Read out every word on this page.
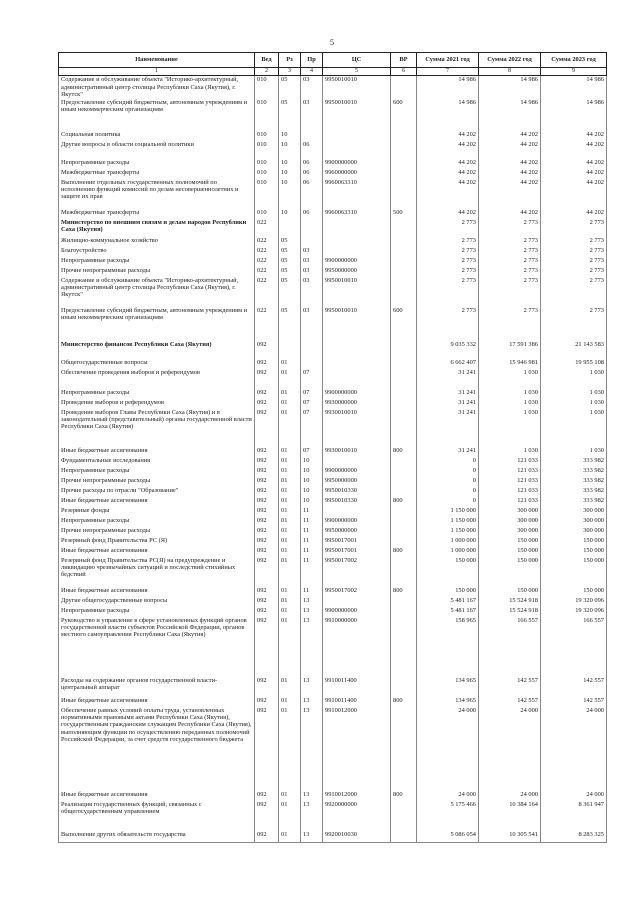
5
Наименование	Вед	Рз	Пр	ЦС	ВР	Сумма 2021 год	Сумма 2022 год	Сумма 2023 год
1	2	3	4	5	6	7	8	9
Содержание и обслуживание объекта "Историко-архитектурный, административный центр столицы Республики Саха (Якутия), г. Якутск"	010	05	03	9950010010		14 986	14 986	14 986
Предоставление субсидий бюджетным, автономным учреждениям и иным некоммерческим организациям	010	05	03	9950010010	600	14 986	14 986	14 986
Социальная политика	010	10				44 202	44 202	44 202
Другие вопросы в области социальной политики	010	10	06			44 202	44 202	44 202
Непрограммные расходы	010	10	06	9900000000		44 202	44 202	44 202
Межбюджетные трансферты	010	10	06	9960000000		44 202	44 202	44 202
Выполнение отдельных государственных полномочий по исполнению функций комиссий по делам несовершеннолетних и защите их прав	010	10	06	9960063310		44 202	44 202	44 202
Межбюджетные трансферты	010	10	06	9960063310	500	44 202	44 202	44 202
Министерство по внешним связям и делам народов Республики Саха (Якутия)	022					2 773	2 773	2 773
Жилищно-коммунальное хозяйство	022	05				2 773	2 773	2 773
Благоустройство	022	05	03			2 773	2 773	2 773
Непрограммные расходы	022	05	03	9900000000		2 773	2 773	2 773
Прочие непрограммные расходы	022	05	03	9950000000		2 773	2 773	2 773
Содержание и обслуживание объекта "Историко-архитектурный, административный центр столицы Республики Саха (Якутия), г. Якутск"	022	05	03	9950010010		2 773	2 773	2 773
Предоставление субсидий бюджетным, автономным учреждениям и иным некоммерческим организациям	022	05	03	9950010010	600	2 773	2 773	2 773
Министерство финансов Республики Саха (Якутия)	092					9 035 332	17 591 386	21 143 583
Общегосударственные вопросы	092	01				6 662 407	15 946 981	19 955 108
Обеспечение проведения выборов и референдумов	092	01	07			31 241	1 030	1 030
Непрограммные расходы	092	01	07	9900000000		31 241	1 030	1 030
Проведение выборов и референдумов	092	01	07	9930000000		31 241	1 030	1 030
Проведение выборов Главы Республики Саха (Якутия) и в законодательный (представительный) органы государственной власти Республики Саха (Якутия)	092	01	07	9930010010		31 241	1 030	1 030
Иные бюджетные ассигнования	092	01	07	9930010010	800	31 241	1 030	1 030
Фундаментальные исследования	092	01	10			0	121 033	333 982
Непрограммные расходы	092	01	10	9900000000		0	121 033	333 982
Прочие непрограммные расходы	092	01	10	9950000000		0	121 033	333 982
Прочие расходы по отрасли "Образование"	092	01	10	9950010330		0	121 033	333 982
Иные бюджетные ассигнования	092	01	10	9950010330	800	0	121 033	333 982
Резервные фонды	092	01	11			1 150 000	300 000	300 000
Непрограммные расходы	092	01	11	9900000000		1 150 000	300 000	300 000
Прочие непрограммные расходы	092	01	11	9950000000		1 150 000	300 000	300 000
Резервный фонд Правительства РС (Я)	092	01	11	9950017001		1 000 000	150 000	150 000
Иные бюджетные ассигнования	092	01	11	9950017001	800	1 000 000	150 000	150 000
Резервный фонд Правительства РС(Я) на предупреждение и ликвидацию чрезвычайных ситуаций и последствий стихийных бедствий	092	01	11	9950017002		150 000	150 000	150 000
Иные бюджетные ассигнования	092	01	11	9950017002	800	150 000	150 000	150 000
Другие общегосударственные вопросы	092	01	13			5 481 167	15 524 918	19 320 096
Непрограммные расходы	092	01	13	9900000000		5 481 167	15 524 918	19 320 096
Руководство и управление в сфере установленных функций органов государственной власти субъектов Российской Федерации, органов местного самоуправления Республики Саха (Якутия)	092	01	13	9910000000		158 965	166 557	166 557
Расходы на содержание органов государственной власти- центральный аппарат	092	01	13	9910011400		134 965	142 557	142 557
Иные бюджетные ассигнования	092	01	13	9910011400	800	134 965	142 557	142 557
Обеспечение равных условий оплаты труда, установленных нормативными правовыми актами Республики Саха (Якутия), государственным гражданским служащим Республики Саха (Якутия), выполняющим функции по осуществлению переданных полномочий Российской Федерации, за счет средств государственного бюджета	092	01	13	9910012000		24 000	24 000	24 000
Иные бюджетные ассигнования	092	01	13	9910012000	800	24 000	24 000	24 000
Реализация государственных функций, связанных с общегосударственным управлением	092	01	13	9920000000		5 175 466	10 384 164	8 361 947
Выполнение других обязательств государства	092	01	13	9920010030		5 086 054	10 305 541	8 283 325
